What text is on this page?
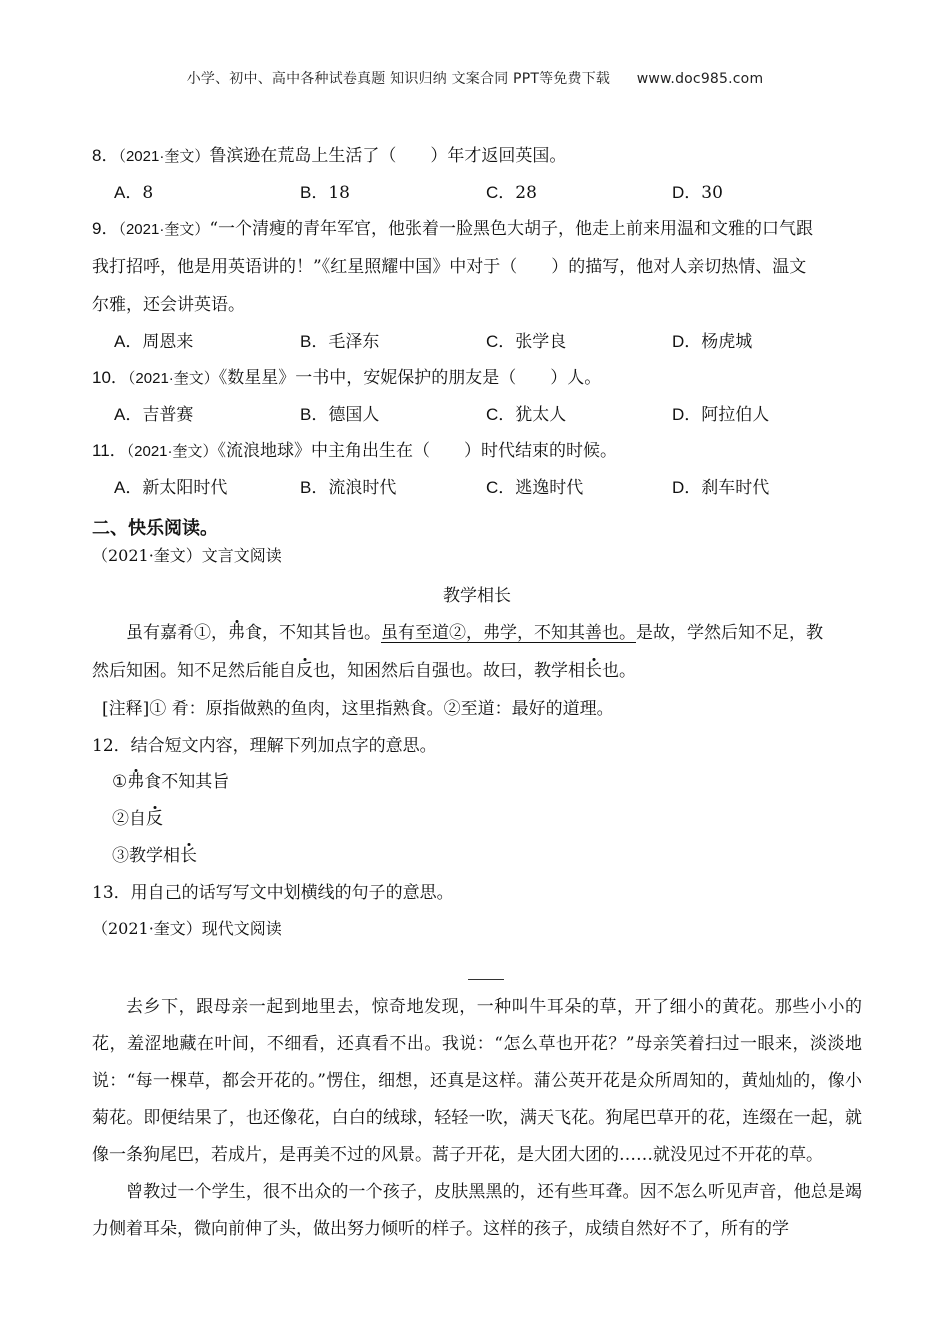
小学、初中、高中各种试卷真题 知识归纳 文案合同 PPT等免费下载 www.doc985.com

8．（2021·奎文）鲁滨逊在荒岛上生活了（　　）年才返回英国。

A．8	B．18	C．28	D．30

9．（2021·奎文）“一个清瘦的青年军官，他张着一脸黑色大胡子，他走上前来用温和文雅的口气跟

我打招呼，他是用英语讲的！”《红星照耀中国》中对于（　　）的描写，他对人亲切热情、温文

尔雅，还会讲英语。

A．周恩来	B．毛泽东	C．张学良	D．杨虎城

10．（2021·奎文）《数星星》一书中，安妮保护的朋友是（　　）人。

A．吉普赛	B．德国人	C．犹太人	D．阿拉伯人

11．（2021·奎文）《流浪地球》中主角出生在（　　）时代结束的时候。

A．新太阳时代	B．流浪时代	C．逃逸时代	D．刹车时代
二、快乐阅读。
（2021·奎文）文言文阅读
教学相长

虽有嘉肴①，弗食，不知其旨也。虽有至道②，弗学，不知其善也。是故，学然后知不足，教

然后知困。知不足然后能自反也，知困然后自强也。故曰，教学相长也。

[注释]① 肴：原指做熟的鱼肉，这里指熟食。②至道：最好的道理。
12．结合短文内容，理解下列加点字的意思。
①弗食不知其旨
②自反
③教学相长
13．用自己的话写写文中划横线的句子的意思。
（2021·奎文）现代文阅读

去乡下，跟母亲一起到地里去，惊奇地发现，一种叫牛耳朵的草，开了细小的黄花。那些小小的花，羞涩地藏在叶间，不细看，还真看不出。我说：“怎么草也开花？”母亲笑着扫过一眼来，淡淡地说：“每一棵草，都会开花的。”愣住，细想，还真是这样。蒲公英开花是众所周知的，黄灿灿的，像小菊花。即便结果了，也还像花，白白的绒球，轻轻一吹，满天飞花。狗尾巴草开的花，连缀在一起，就像一条狗尾巴，若成片，是再美不过的风景。蒿子开花，是大团大团的……就没见过不开花的草。

曾教过一个学生，很不出众的一个孩子，皮肤黑黑的，还有些耳聋。因不怎么听见声音，他总是竭力侧着耳朵，微向前伸了头，做出努力倾听的样子。这样的孩子，成绩自然好不了，所有的学
